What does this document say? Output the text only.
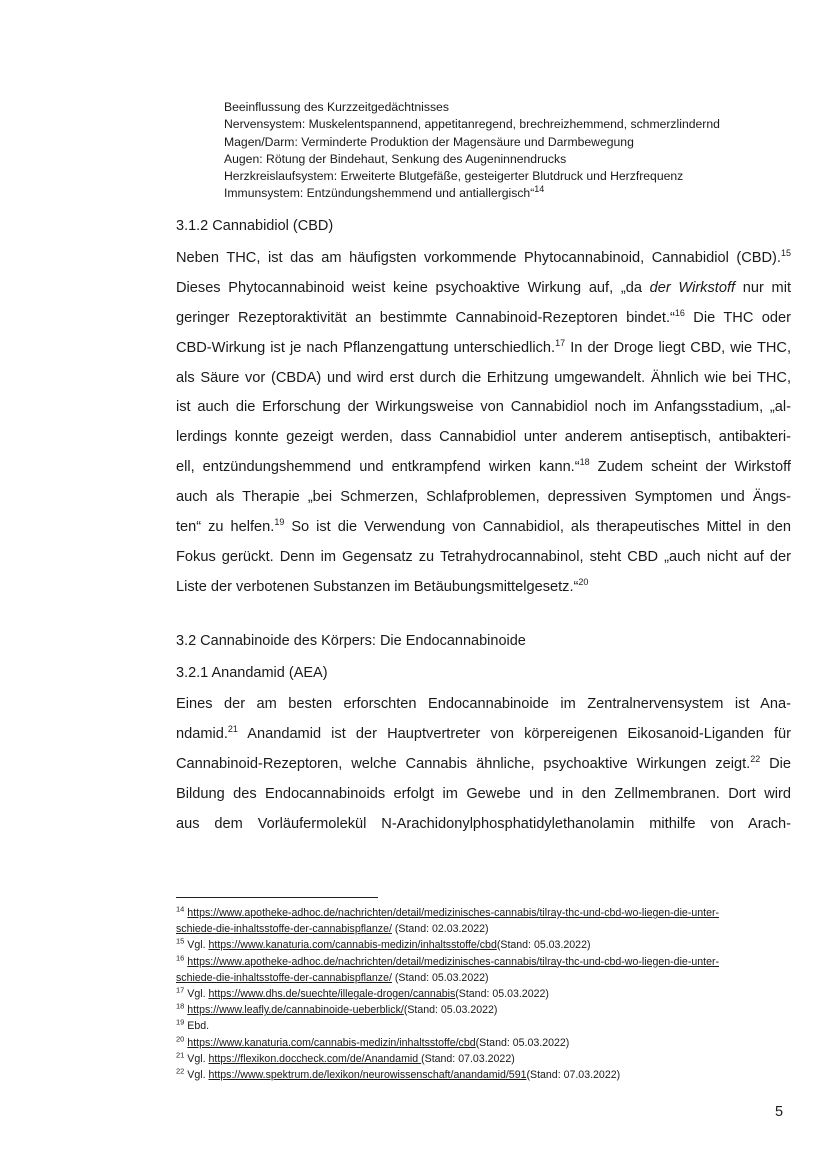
Beeinflussung des Kurzzeitgedächtnisses
Nervensystem: Muskelentspannend, appetitanregend, brechreizhemmend, schmerzlindernd
Magen/Darm: Verminderte Produktion der Magensäure und Darmbewegung
Augen: Rötung der Bindehaut, Senkung des Augeninnendrucks
Herzkreislaufsystem: Erweiterte Blutgefäße, gesteigerter Blutdruck und Herzfrequenz
Immunsystem: Entzündungshemmend und antiallergisch“$^{14}$
3.1.2 Cannabidiol (CBD)
Neben THC, ist das am häufigsten vorkommende Phytocannabinoid, Cannabidiol (CBD).$^{15}$
Dieses Phytocannabinoid weist keine psychoaktive Wirkung auf, „da der Wirkstoff nur mit
geringer Rezeptoraktivität an bestimmte Cannabinoid-Rezeptoren bindet.“$^{16}$ Die THC oder
CBD-Wirkung ist je nach Pflanzengattung unterschiedlich.$^{17}$ In der Droge liegt CBD, wie THC,
als Säure vor (CBDA) und wird erst durch die Erhitzung umgewandelt. Ähnlich wie bei THC,
ist auch die Erforschung der Wirkungsweise von Cannabidiol noch im Anfangsstadium, „al-
lerdings konnte gezeigt werden, dass Cannabidiol unter anderem antiseptisch, antibakteri-
ell, entzündungshemmend und entkrampfend wirken kann.“$^{18}$ Zudem scheint der Wirkstoff
auch als Therapie „bei Schmerzen, Schlafproblemen, depressiven Symptomen und Ängs-
ten“ zu helfen.$^{19}$ So ist die Verwendung von Cannabidiol, als therapeutisches Mittel in den
Fokus gerückt. Denn im Gegensatz zu Tetrahydrocannabinol, steht CBD „auch nicht auf der
Liste der verbotenen Substanzen im Betäubungsmittelgesetz.“$^{20}$
3.2 Cannabinoide des Körpers: Die Endocannabinoide
3.2.1 Anandamid (AEA)
Eines der am besten erforschten Endocannabinoide im Zentralnervensystem ist Ana-
ndamid.$^{21}$ Anandamid ist der Hauptvertreter von körpereigenen Eikosanoid-Liganden für
Cannabinoid-Rezeptoren, welche Cannabis ähnliche, psychoaktive Wirkungen zeigt.$^{22}$ Die
Bildung des Endocannabinoids erfolgt im Gewebe und in den Zellmembranen. Dort wird
aus dem Vorläufermolekül N-Arachidonylphosphatidylethanolamin mithilfe von Arach-
$^{14}$ https://www.apotheke-adhoc.de/nachrichten/detail/medizinisches-cannabis/tilray-thc-und-cbd-wo-liegen-die-unter-
schiede-die-inhaltsstoffe-der-cannabispflanze/ (Stand: 02.03.2022)
$^{15}$ Vgl. https://www.kanaturia.com/cannabis-medizin/inhaltsstoffe/cbd(Stand: 05.03.2022)
$^{16}$ https://www.apotheke-adhoc.de/nachrichten/detail/medizinisches-cannabis/tilray-thc-und-cbd-wo-liegen-die-unter-
schiede-die-inhaltsstoffe-der-cannabispflanze/ (Stand: 05.03.2022)
$^{17}$ Vgl. https://www.dhs.de/suechte/illegale-drogen/cannabis(Stand: 05.03.2022)
$^{18}$ https://www.leafly.de/cannabinoide-ueberblick/(Stand: 05.03.2022)
$^{19}$ Ebd.
$^{20}$ https://www.kanaturia.com/cannabis-medizin/inhaltsstoffe/cbd(Stand: 05.03.2022)
$^{21}$ Vgl. https://flexikon.doccheck.com/de/Anandamid (Stand: 07.03.2022)
$^{22}$ Vgl. https://www.spektrum.de/lexikon/neurowissenschaft/anandamid/591(Stand: 07.03.2022)
5
